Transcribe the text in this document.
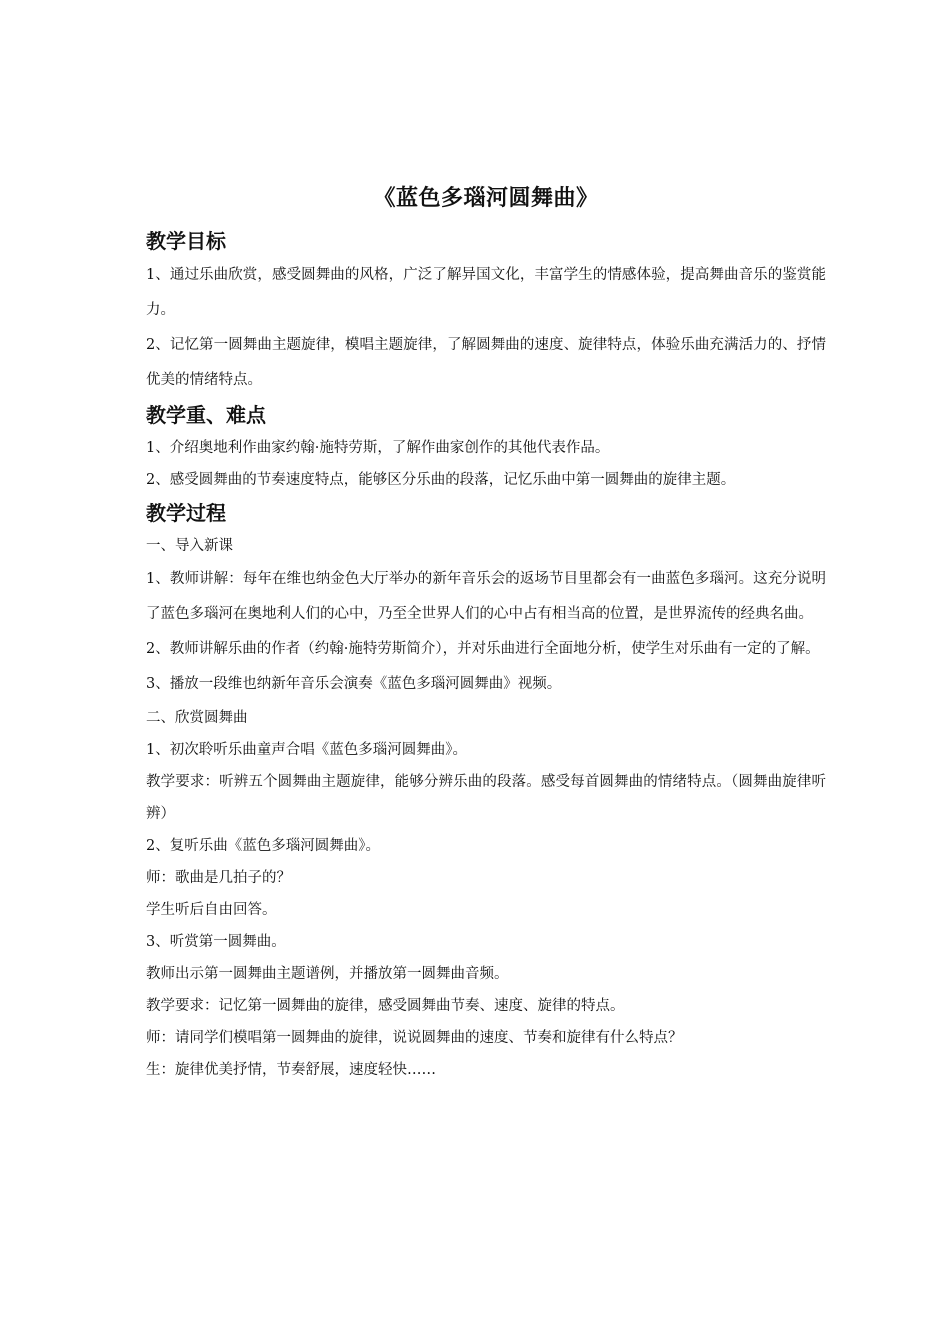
《蓝色多瑙河圆舞曲》
教学目标

1、通过乐曲欣赏，感受圆舞曲的风格，广泛了解异国文化，丰富学生的情感体验，提高舞曲音乐的鉴赏能力。

2、记忆第一圆舞曲主题旋律，模唱主题旋律，了解圆舞曲的速度、旋律特点，体验乐曲充满活力的、抒情优美的情绪特点。

教学重、难点

1、介绍奥地利作曲家约翰·施特劳斯，了解作曲家创作的其他代表作品。

2、感受圆舞曲的节奏速度特点，能够区分乐曲的段落，记忆乐曲中第一圆舞曲的旋律主题。

教学过程

一、导入新课

1、教师讲解：每年在维也纳金色大厅举办的新年音乐会的返场节目里都会有一曲蓝色多瑙河。这充分说明了蓝色多瑙河在奥地利人们的心中，乃至全世界人们的心中占有相当高的位置，是世界流传的经典名曲。

2、教师讲解乐曲的作者（约翰·施特劳斯简介），并对乐曲进行全面地分析，使学生对乐曲有一定的了解。

3、播放一段维也纳新年音乐会演奏《蓝色多瑙河圆舞曲》视频。

二、欣赏圆舞曲

1、初次聆听乐曲童声合唱《蓝色多瑙河圆舞曲》。

教学要求：听辨五个圆舞曲主题旋律，能够分辨乐曲的段落。感受每首圆舞曲的情绪特点。（圆舞曲旋律听辨）

2、复听乐曲《蓝色多瑙河圆舞曲》。

师：歌曲是几拍子的？

学生听后自由回答。

3、听赏第一圆舞曲。

教师出示第一圆舞曲主题谱例，并播放第一圆舞曲音频。

教学要求：记忆第一圆舞曲的旋律，感受圆舞曲节奏、速度、旋律的特点。

师：请同学们模唱第一圆舞曲的旋律，说说圆舞曲的速度、节奏和旋律有什么特点？

生：旋律优美抒情，节奏舒展，速度轻快……
